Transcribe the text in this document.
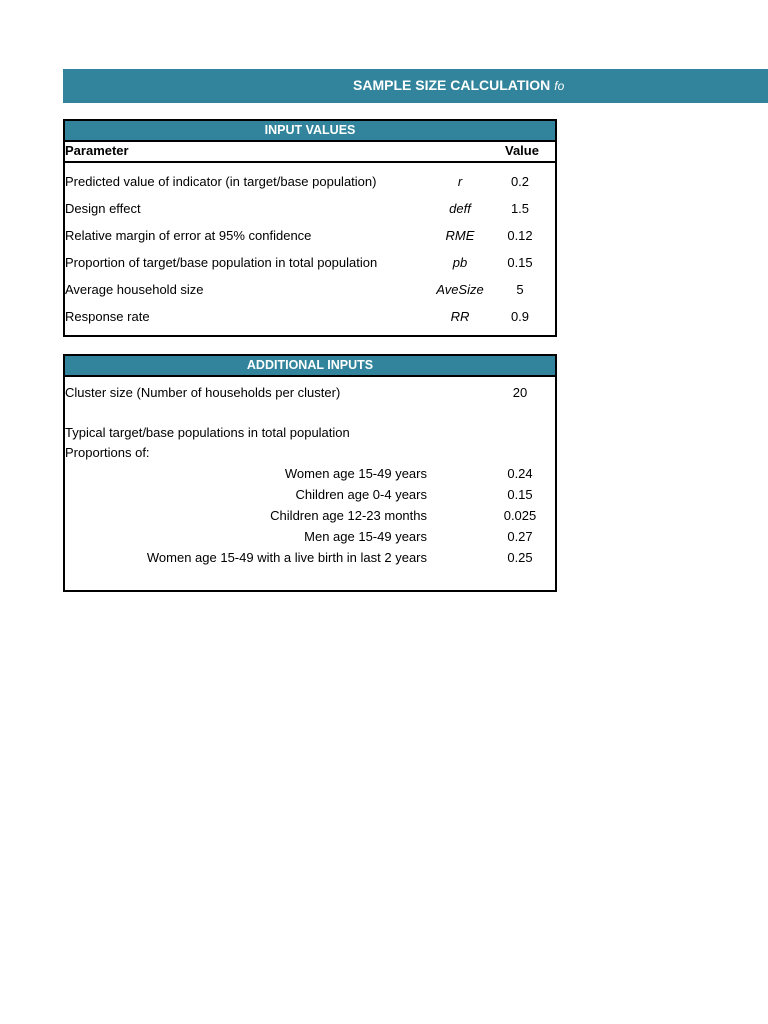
SAMPLE SIZE CALCULATION fo
INPUT VALUES
Parameter	Value
Predicted value of indicator (in target/base population)	r	0.2
Design effect	deff	1.5
Relative margin of error at 95% confidence	RME	0.12
Proportion of target/base population in total population	pb	0.15
Average household size	AveSize	5
Response rate	RR	0.9
ADDITIONAL INPUTS
Cluster size (Number of households per cluster)	20
Typical target/base populations in total population
Proportions of:
Women age 15-49 years	0.24
Children age 0-4 years	0.15
Children age 12-23 months	0.025
Men age 15-49 years	0.27
Women age 15-49 with a live birth in last 2 years	0.25
